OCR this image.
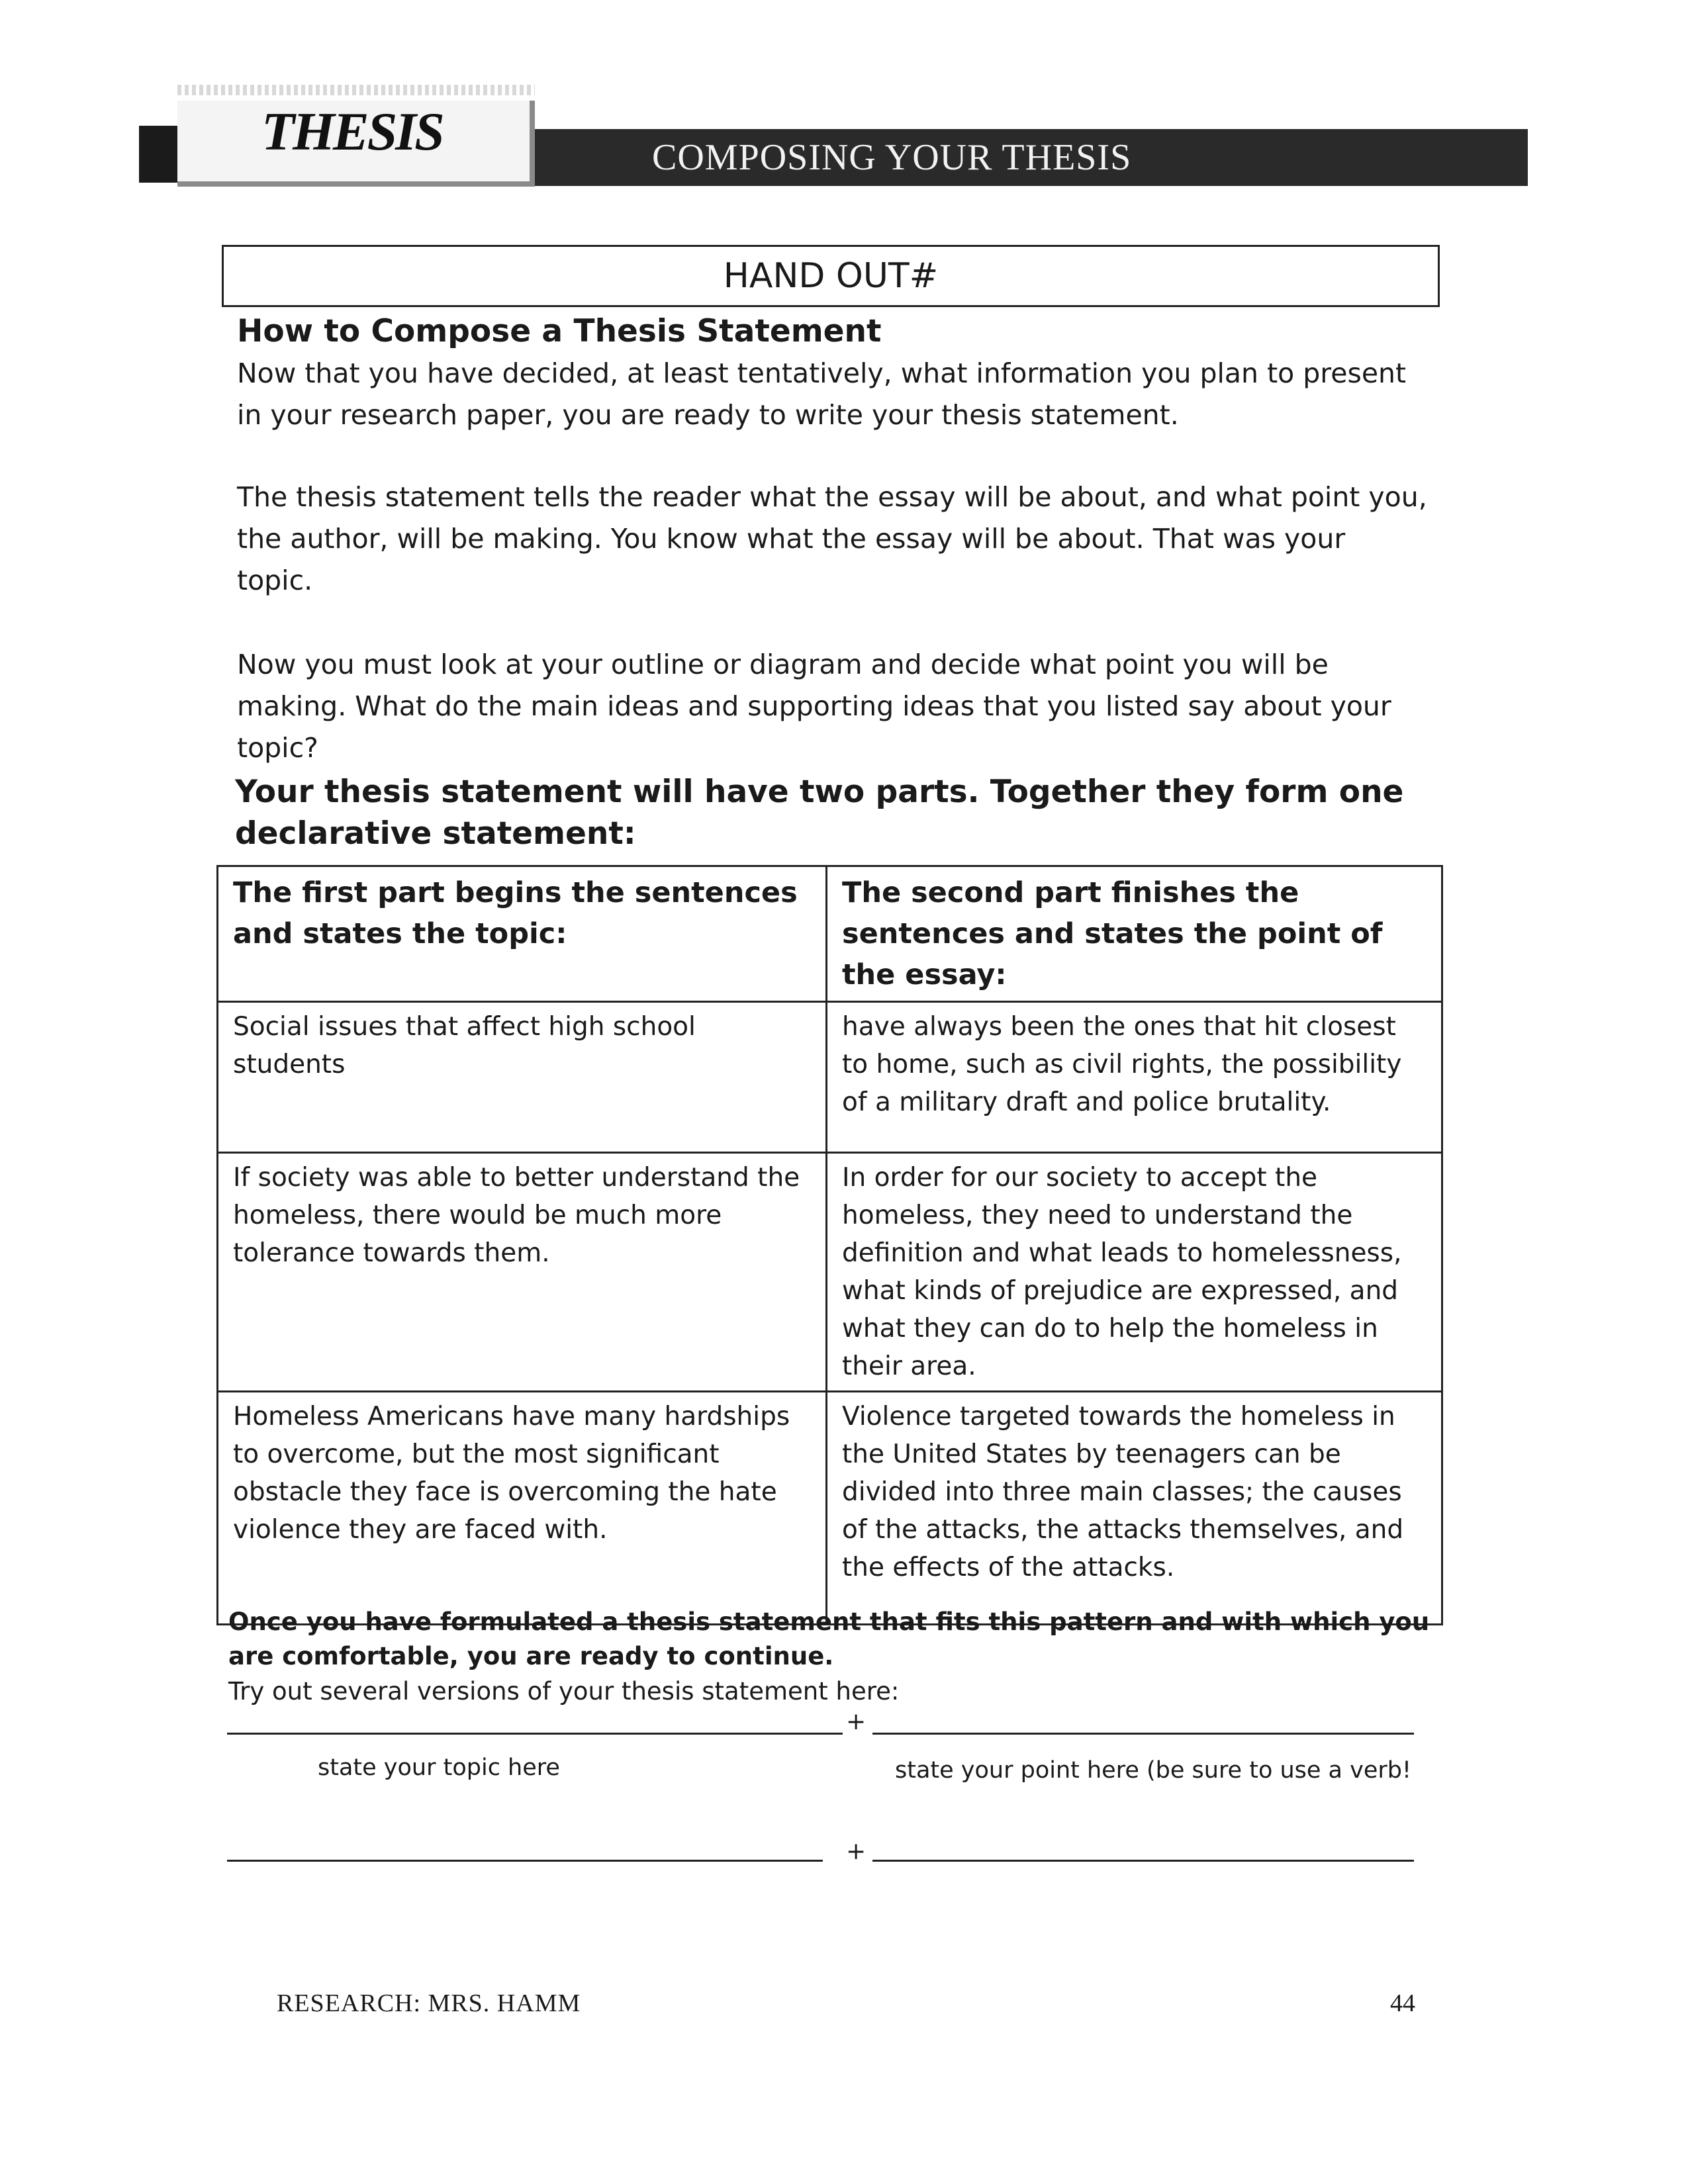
THESIS	COMPOSING YOUR THESIS
HAND OUT#
How to Compose a Thesis Statement
Now that you have decided, at least tentatively, what information you plan to present in your research paper, you are ready to write your thesis statement.
The thesis statement tells the reader what the essay will be about, and what point you, the author, will be making. You know what the essay will be about. That was your topic.
Now you must look at your outline or diagram and decide what point you will be making. What do the main ideas and supporting ideas that you listed say about your topic?
Your thesis statement will have two parts. Together they form one declarative statement:
The first part begins the sentences and states the topic:	The second part finishes the sentences and states the point of the essay:
Social issues that affect high school students	have always been the ones that hit closest to home, such as civil rights, the possibility of a military draft and police brutality.
If society was able to better understand the homeless, there would be much more tolerance towards them.	In order for our society to accept the homeless, they need to understand the definition and what leads to homelessness, what kinds of prejudice are expressed, and what they can do to help the homeless in their area.
Homeless Americans have many hardships to overcome, but the most significant obstacle they face is overcoming the hate violence they are faced with.	Violence targeted towards the homeless in the United States by teenagers can be divided into three main classes; the causes of the attacks, the attacks themselves, and the effects of the attacks.
Once you have formulated a thesis statement that fits this pattern and with which you are comfortable, you are ready to continue.
Try out several versions of your thesis statement here:
+
state your topic here	state your point here (be sure to use a verb!
+
RESEARCH: MRS. HAMM	44
